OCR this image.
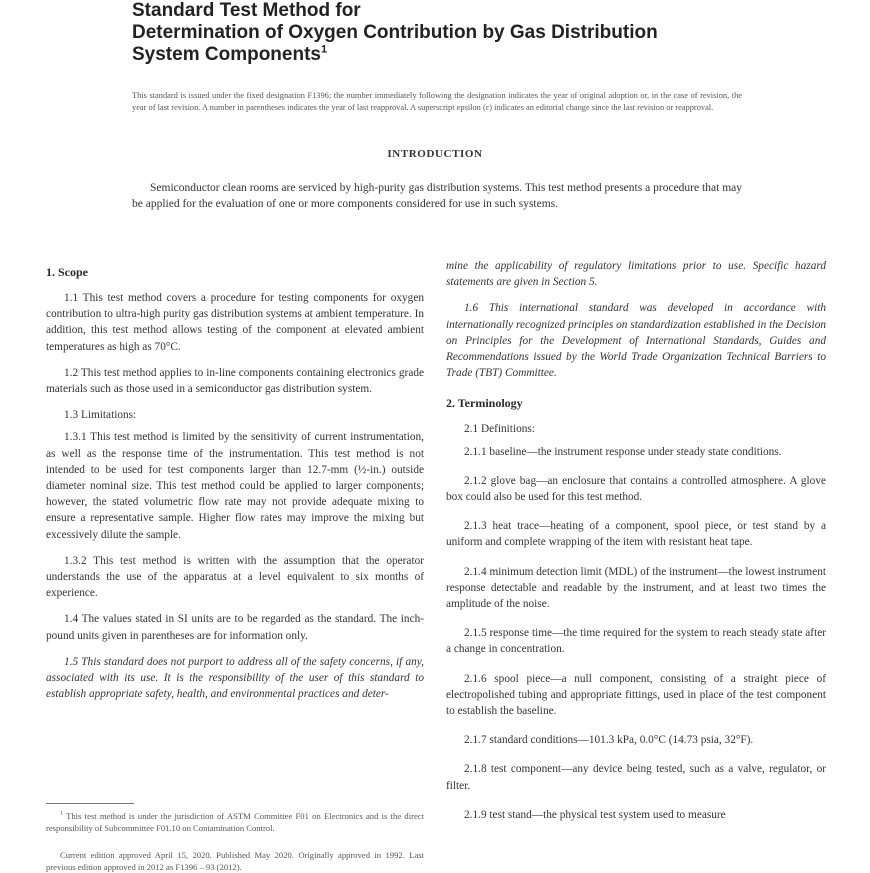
Standard Test Method for
Determination of Oxygen Contribution by Gas Distribution
System Components$^1$
This standard is issued under the fixed designation F1396; the number immediately following the designation indicates the year of original adoption or, in the case of revision, the year of last revision. A number in parentheses indicates the year of last reapproval. A superscript epsilon (ε) indicates an editorial change since the last revision or reapproval.
INTRODUCTION
Semiconductor clean rooms are serviced by high-purity gas distribution systems. This test method presents a procedure that may be applied for the evaluation of one or more components considered for use in such systems.
1. Scope

1.1 This test method covers a procedure for testing components for oxygen contribution to ultra-high purity gas distribution systems at ambient temperature. In addition, this test method allows testing of the component at elevated ambient temperatures as high as 70°C.

1.2 This test method applies to in-line components containing electronics grade materials such as those used in a semiconductor gas distribution system.

1.3 Limitations:

1.3.1 This test method is limited by the sensitivity of current instrumentation, as well as the response time of the instrumentation. This test method is not intended to be used for test components larger than 12.7-mm (½-in.) outside diameter nominal size. This test method could be applied to larger components; however, the stated volumetric flow rate may not provide adequate mixing to ensure a representative sample. Higher flow rates may improve the mixing but excessively dilute the sample.

1.3.2 This test method is written with the assumption that the operator understands the use of the apparatus at a level equivalent to six months of experience.

1.4 The values stated in SI units are to be regarded as the standard. The inch-pound units given in parentheses are for information only.

1.5 This standard does not purport to address all of the safety concerns, if any, associated with its use. It is the responsibility of the user of this standard to establish appropriate safety, health, and environmental practices and deter-

mine the applicability of regulatory limitations prior to use. Specific hazard statements are given in Section 5.

1.6 This international standard was developed in accordance with internationally recognized principles on standardization established in the Decision on Principles for the Development of International Standards, Guides and Recommendations issued by the World Trade Organization Technical Barriers to Trade (TBT) Committee.

2. Terminology

2.1 Definitions:

2.1.1 baseline—the instrument response under steady state conditions.

2.1.2 glove bag—an enclosure that contains a controlled atmosphere. A glove box could also be used for this test method.

2.1.3 heat trace—heating of a component, spool piece, or test stand by a uniform and complete wrapping of the item with resistant heat tape.

2.1.4 minimum detection limit (MDL) of the instrument—the lowest instrument response detectable and readable by the instrument, and at least two times the amplitude of the noise.

2.1.5 response time—the time required for the system to reach steady state after a change in concentration.

2.1.6 spool piece—a null component, consisting of a straight piece of electropolished tubing and appropriate fittings, used in place of the test component to establish the baseline.

2.1.7 standard conditions—101.3 kPa, 0.0°C (14.73 psia, 32°F).

2.1.8 test component—any device being tested, such as a valve, regulator, or filter.

2.1.9 test stand—the physical test system used to measure

$^1$ This test method is under the jurisdiction of ASTM Committee F01 on Electronics and is the direct responsibility of Subcommittee F01.10 on Contamination Control.
Current edition approved April 15, 2020. Published May 2020. Originally approved in 1992. Last previous edition approved in 2012 as F1396 – 93 (2012).
